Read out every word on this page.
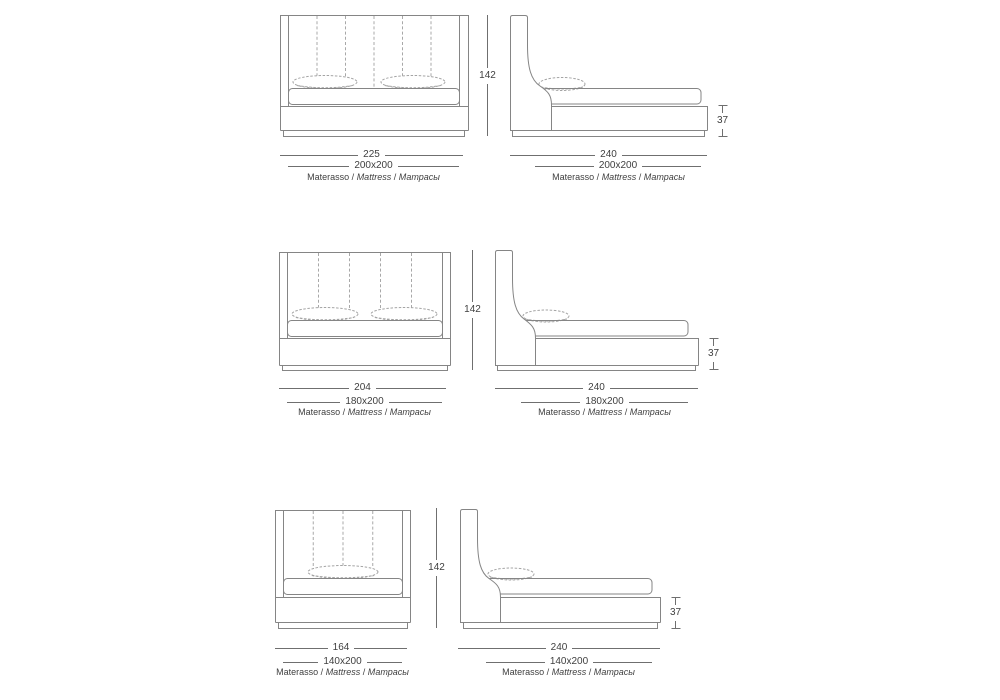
225
200x200
Materasso / Mattress / Матрасы
142
240
200x200
Materasso / Mattress / Матрасы
37
204
180x200
Materasso / Mattress / Матрасы
142
240
180x200
Materasso / Mattress / Матрасы
37
164
140x200
Materasso / Mattress / Матрасы
142
240
140x200
Materasso / Mattress / Матрасы
37
